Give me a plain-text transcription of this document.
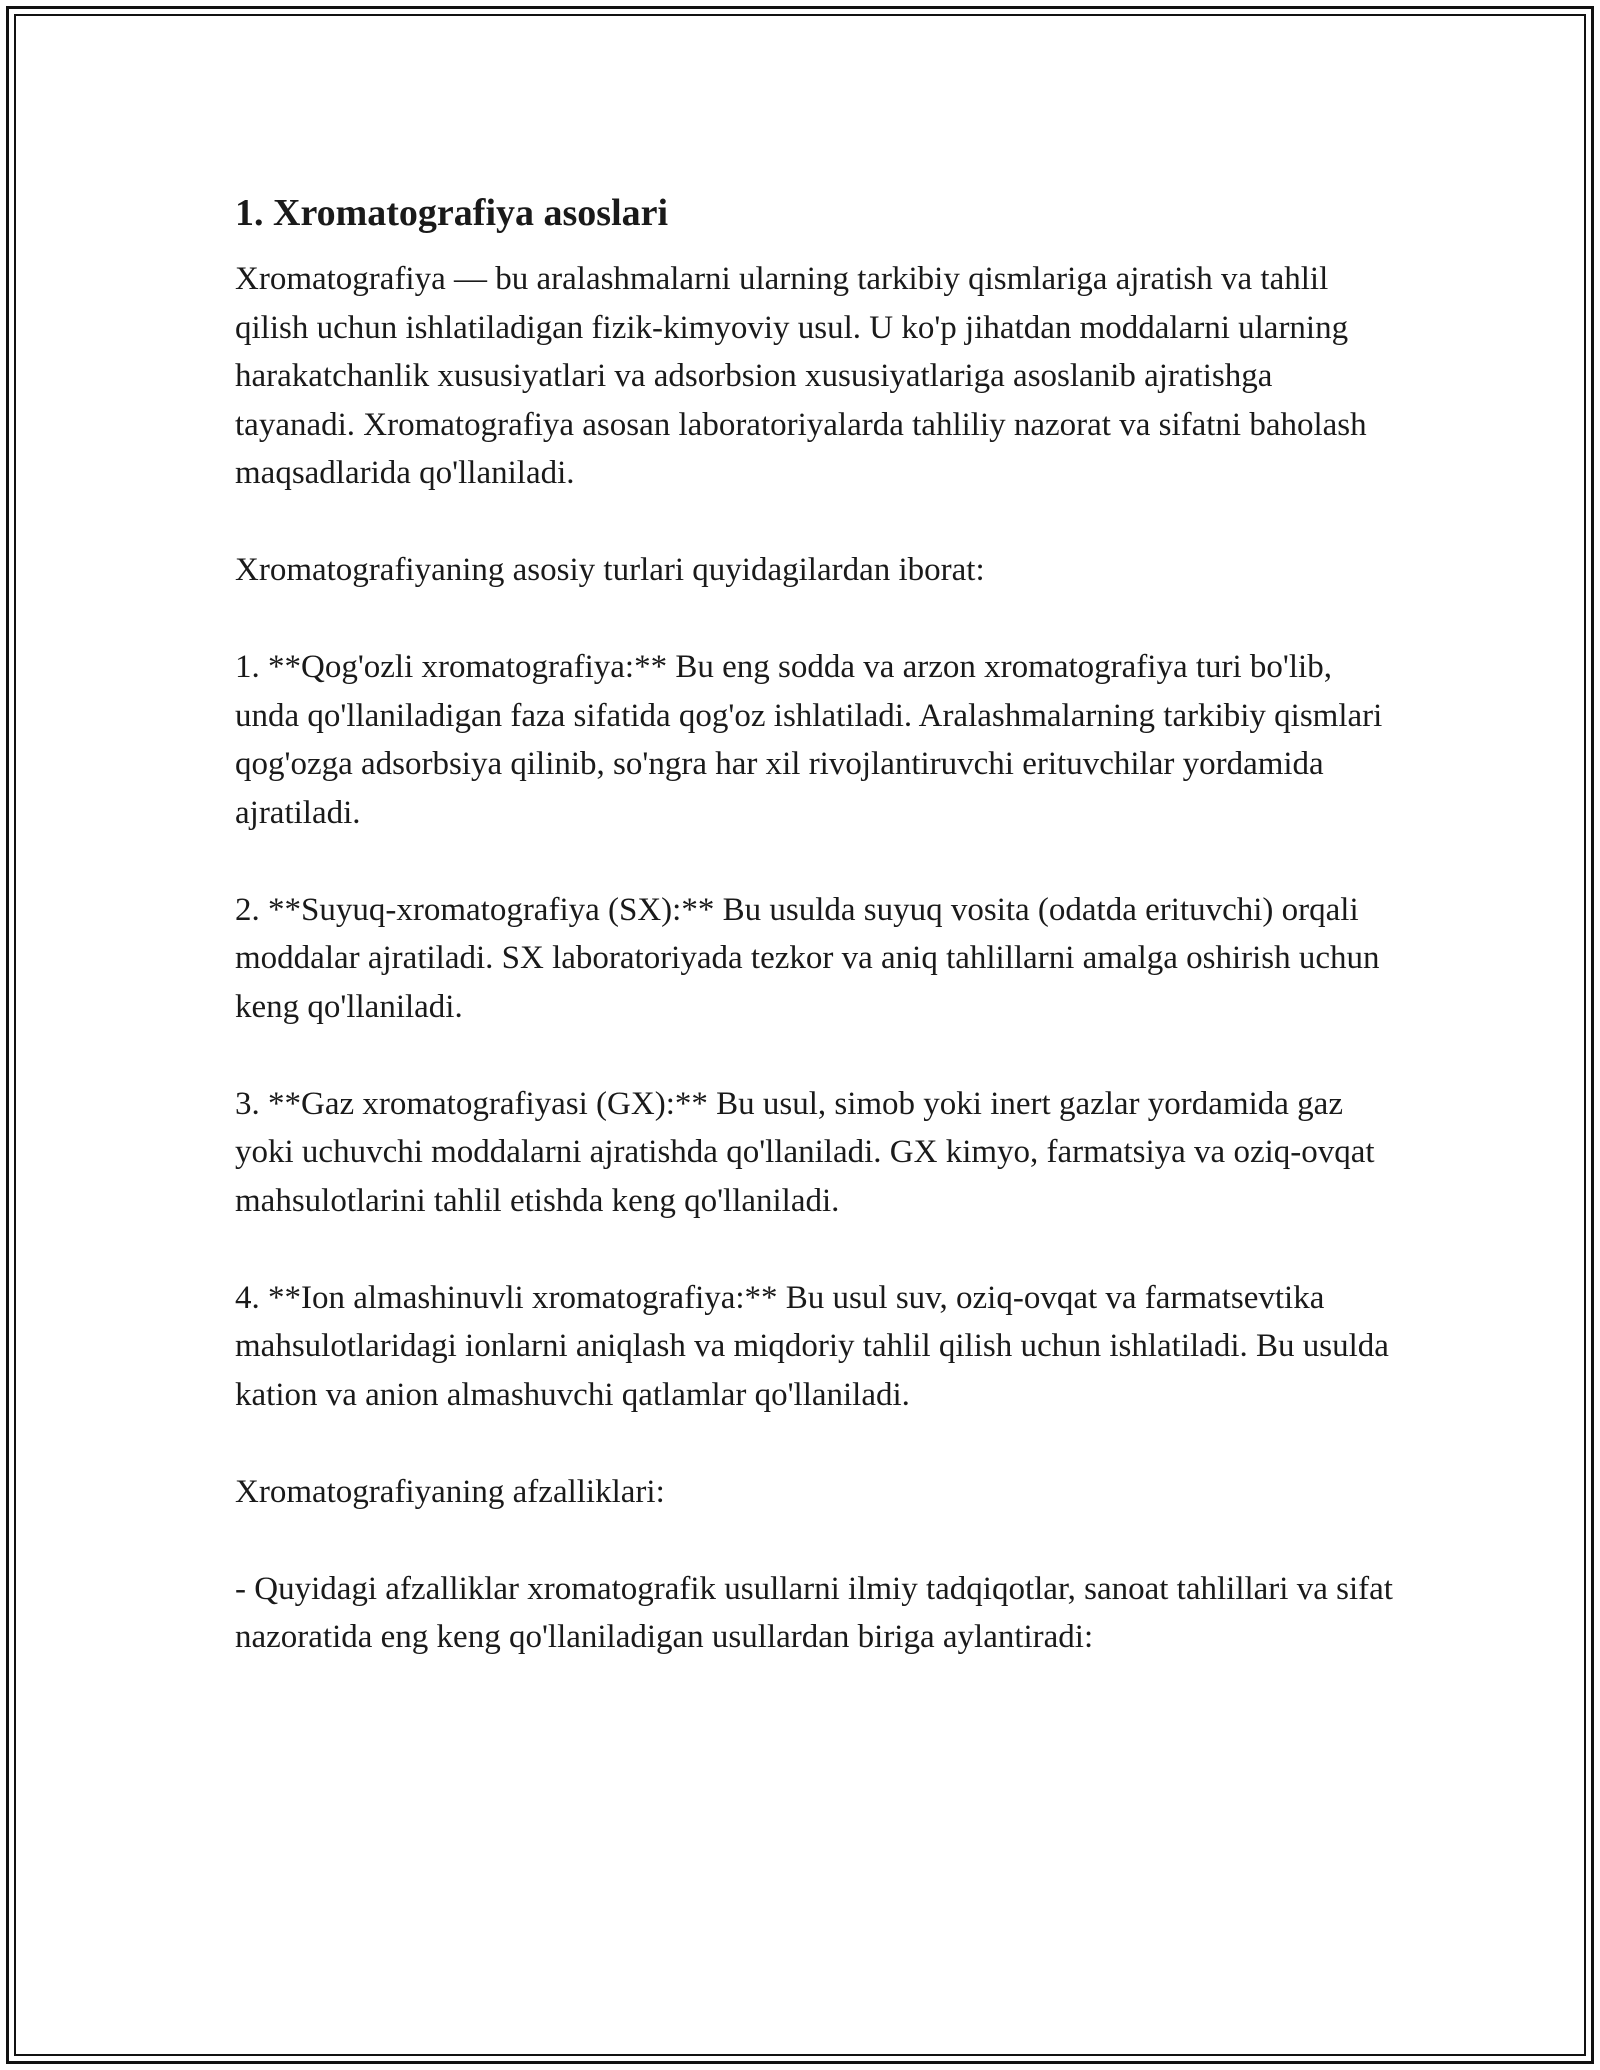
1. Xromatografiya asoslari

Xromatografiya — bu aralashmalarni ularning tarkibiy qismlariga ajratish va tahlil qilish uchun ishlatiladigan fizik-kimyoviy usul. U ko'p jihatdan moddalarni ularning harakatchanlik xususiyatlari va adsorbsion xususiyatlariga asoslanib ajratishga tayanadi. Xromatografiya asosan laboratoriyalarda tahliliy nazorat va sifatni baholash maqsadlarida qo'llaniladi.

Xromatografiyaning asosiy turlari quyidagilardan iborat:

1. **Qog'ozli xromatografiya:** Bu eng sodda va arzon xromatografiya turi bo'lib, unda qo'llaniladigan faza sifatida qog'oz ishlatiladi. Aralashmalarning tarkibiy qismlari qog'ozga adsorbsiya qilinib, so'ngra har xil rivojlantiruvchi erituvchilar yordamida ajratiladi.

2. **Suyuq-xromatografiya (SX):** Bu usulda suyuq vosita (odatda erituvchi) orqali moddalar ajratiladi. SX laboratoriyada tezkor va aniq tahlillarni amalga oshirish uchun keng qo'llaniladi.

3. **Gaz xromatografiyasi (GX):** Bu usul, simob yoki inert gazlar yordamida gaz yoki uchuvchi moddalarni ajratishda qo'llaniladi. GX kimyo, farmatsiya va oziq-ovqat mahsulotlarini tahlil etishda keng qo'llaniladi.

4. **Ion almashinuvli xromatografiya:** Bu usul suv, oziq-ovqat va farmatsevtika mahsulotlaridagi ionlarni aniqlash va miqdoriy tahlil qilish uchun ishlatiladi. Bu usulda kation va anion almashuvchi qatlamlar qo'llaniladi.

Xromatografiyaning afzalliklari:

- Quyidagi afzalliklar xromatografik usullarni ilmiy tadqiqotlar, sanoat tahlillari va sifat nazoratida eng keng qo'llaniladigan usullardan biriga aylantiradi:
